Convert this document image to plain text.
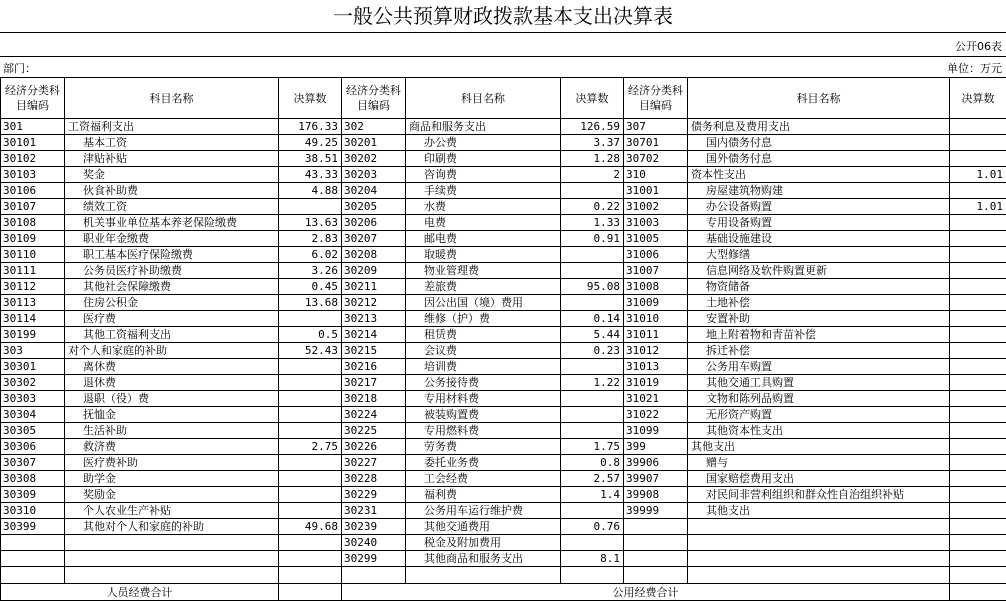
一般公共预算财政拨款基本支出决算表
公开06表
部门：	单位：万元
经济分类科目编码	科目名称	决算数	经济分类科目编码	科目名称	决算数	经济分类科目编码	科目名称	决算数
301	工资福利支出	176.33	302	商品和服务支出	126.59	307	债务利息及费用支出	
30101	基本工资	49.25	30201	办公费	3.37	30701	国内债务付息	
30102	津贴补贴	38.51	30202	印刷费	1.28	30702	国外债务付息	
30103	奖金	43.33	30203	咨询费	2	310	资本性支出	1.01
30106	伙食补助费	4.88	30204	手续费		31001	房屋建筑物购建	
30107	绩效工资		30205	水费	0.22	31002	办公设备购置	1.01
30108	机关事业单位基本养老保险缴费	13.63	30206	电费	1.33	31003	专用设备购置	
30109	职业年金缴费	2.83	30207	邮电费	0.91	31005	基础设施建设	
30110	职工基本医疗保险缴费	6.02	30208	取暖费		31006	大型修缮	
30111	公务员医疗补助缴费	3.26	30209	物业管理费		31007	信息网络及软件购置更新	
30112	其他社会保障缴费	0.45	30211	差旅费	95.08	31008	物资储备	
30113	住房公积金	13.68	30212	因公出国（境）费用		31009	土地补偿	
30114	医疗费		30213	维修（护）费	0.14	31010	安置补助	
30199	其他工资福利支出	0.5	30214	租赁费	5.44	31011	地上附着物和青苗补偿	
303	对个人和家庭的补助	52.43	30215	会议费	0.23	31012	拆迁补偿	
30301	离休费		30216	培训费		31013	公务用车购置	
30302	退休费		30217	公务接待费	1.22	31019	其他交通工具购置	
30303	退职（役）费		30218	专用材料费		31021	文物和陈列品购置	
30304	抚恤金		30224	被装购置费		31022	无形资产购置	
30305	生活补助		30225	专用燃料费		31099	其他资本性支出	
30306	救济费	2.75	30226	劳务费	1.75	399	其他支出	
30307	医疗费补助		30227	委托业务费	0.8	39906	赠与	
30308	助学金		30228	工会经费	2.57	39907	国家赔偿费用支出	
30309	奖励金		30229	福利费	1.4	39908	对民间非营利组织和群众性自治组织补贴	
30310	个人农业生产补贴		30231	公务用车运行维护费		39999	其他支出	
30399	其他对个人和家庭的补助	49.68	30239	其他交通费用	0.76			
			30240	税金及附加费用				
			30299	其他商品和服务支出	8.1			

人员经费合计			公用经费合计					
